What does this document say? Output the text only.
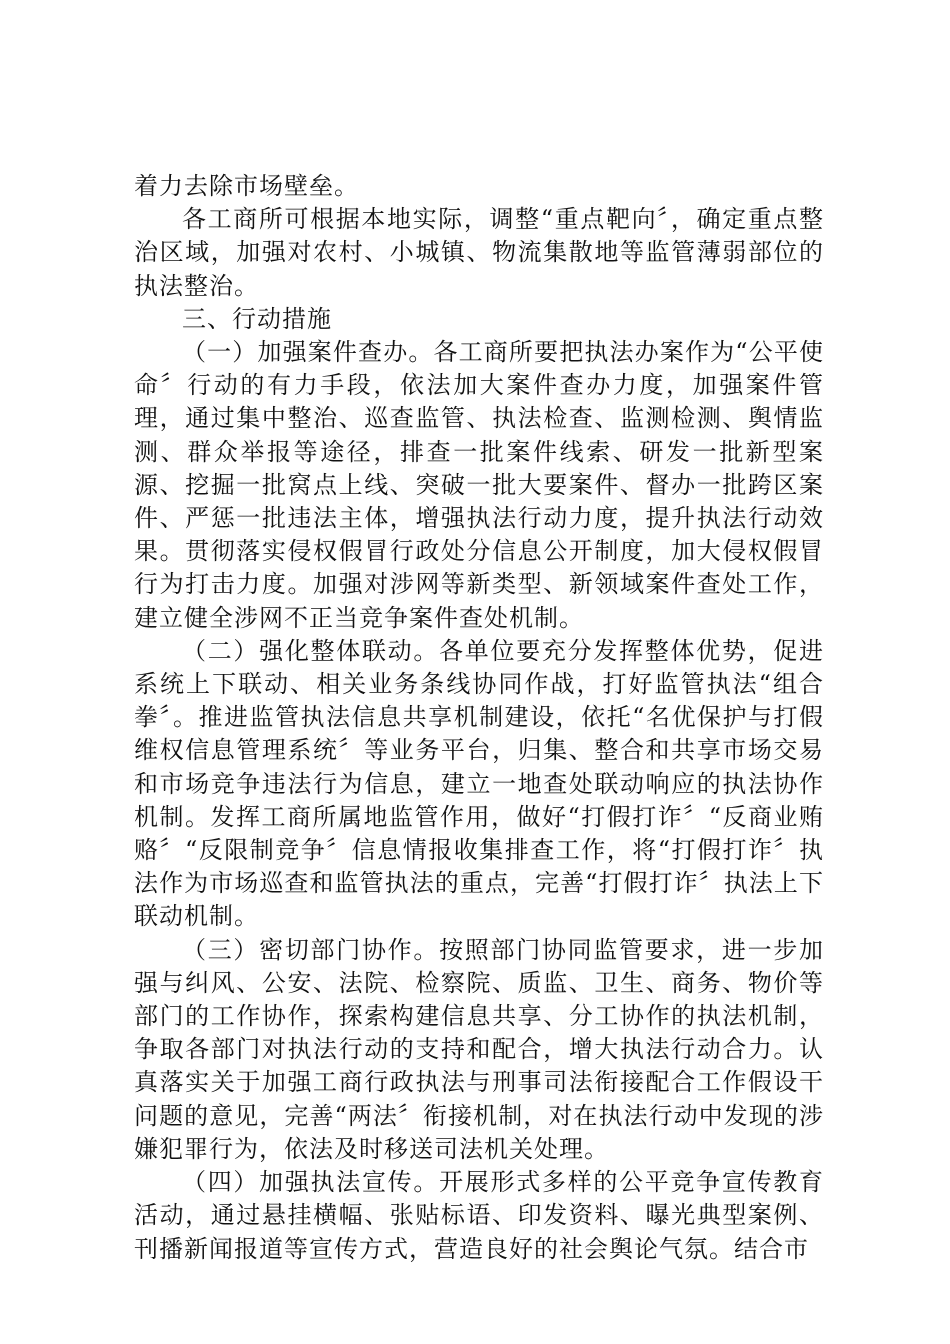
着力去除市场壁垒。

各工商所可根据本地实际，调整“重点靶向〞，确定重点整治区域，加强对农村、小城镇、物流集散地等监管薄弱部位的执法整治。

三、行动措施

（一）加强案件查办。各工商所要把执法办案作为“公平使命〞行动的有力手段，依法加大案件查办力度，加强案件管理，通过集中整治、巡查监管、执法检查、监测检测、舆情监测、群众举报等途径，排查一批案件线索、研发一批新型案源、挖掘一批窝点上线、突破一批大要案件、督办一批跨区案件、严惩一批违法主体，增强执法行动力度，提升执法行动效果。贯彻落实侵权假冒行政处分信息公开制度，加大侵权假冒行为打击力度。加强对涉网等新类型、新领域案件查处工作，建立健全涉网不正当竞争案件查处机制。

（二）强化整体联动。各单位要充分发挥整体优势，促进系统上下联动、相关业务条线协同作战，打好监管执法“组合拳〞。推进监管执法信息共享机制建设，依托“名优保护与打假维权信息管理系统〞等业务平台，归集、整合和共享市场交易和市场竞争违法行为信息，建立一地查处联动响应的执法协作机制。发挥工商所属地监管作用，做好“打假打诈〞“反商业贿赂〞“反限制竞争〞信息情报收集排查工作，将“打假打诈〞执法作为市场巡查和监管执法的重点，完善“打假打诈〞执法上下联动机制。

（三）密切部门协作。按照部门协同监管要求，进一步加强与纠风、公安、法院、检察院、质监、卫生、商务、物价等部门的工作协作，探索构建信息共享、分工协作的执法机制，争取各部门对执法行动的支持和配合，增大执法行动合力。认真落实关于加强工商行政执法与刑事司法衔接配合工作假设干问题的意见，完善“两法〞衔接机制，对在执法行动中发现的涉嫌犯罪行为，依法及时移送司法机关处理。

（四）加强执法宣传。开展形式多样的公平竞争宣传教育活动，通过悬挂横幅、张贴标语、印发资料、曝光典型案例、刊播新闻报道等宣传方式，营造良好的社会舆论气氛。结合市
